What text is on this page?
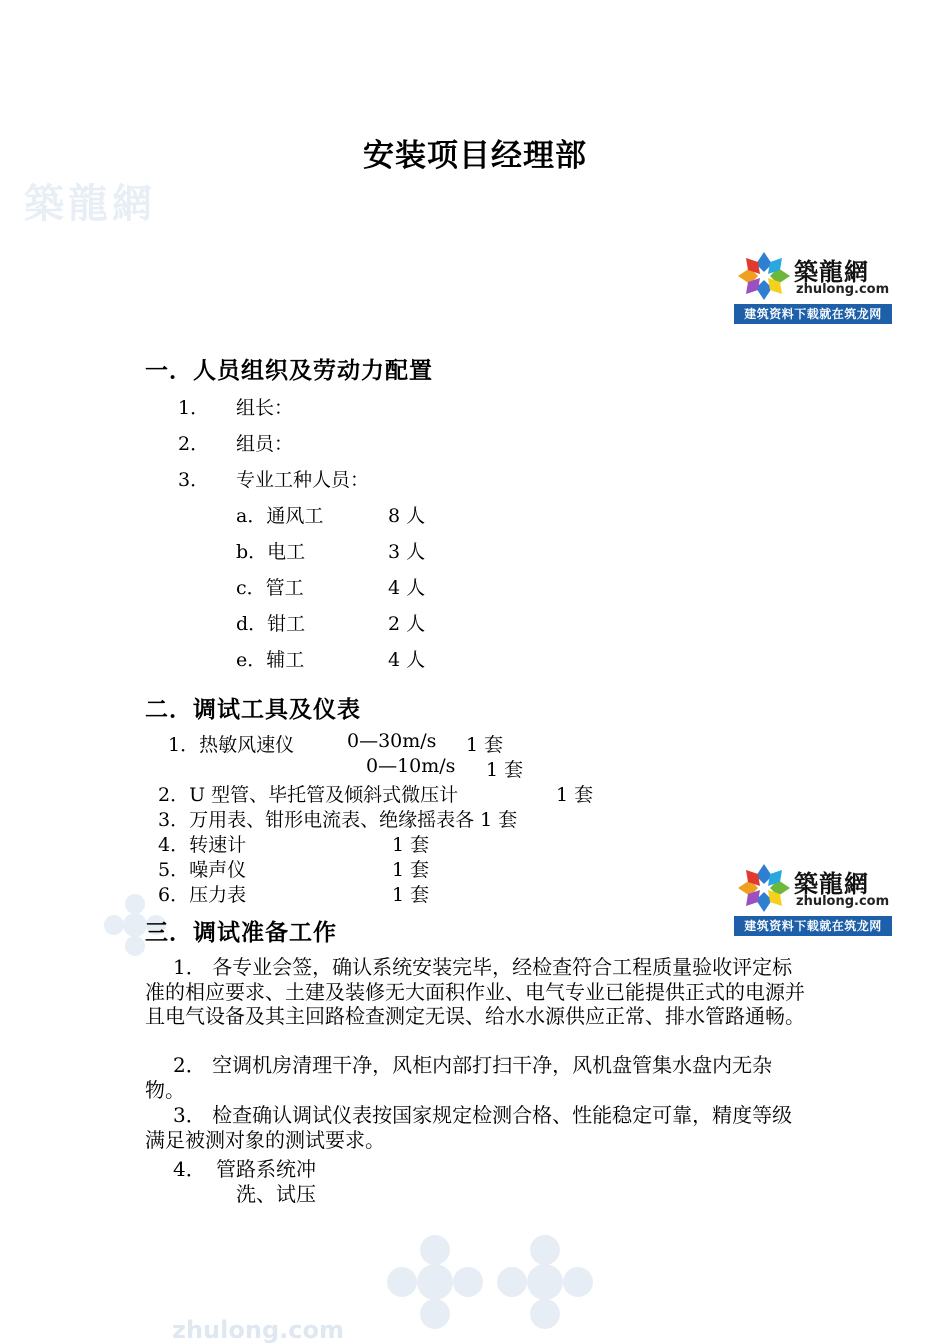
築龍網
zhulong.com
安装项目经理部
築龍網
zhulong.com
建筑资料下载就在筑龙网
一．人员组织及劳动力配置
1． 组长：
2． 组员：
3． 专业工种人员：
a．通风工	8 人
b．电工	3 人
c．管工	4 人
d．钳工	2 人
e．辅工	4 人
二．调试工具及仪表
1．热敏风速仪	0—30m/s 1 套
0—10m/s 1 套
2．U 型管、毕托管及倾斜式微压计	1 套
3．万用表、钳形电流表、绝缘摇表各 1 套
4．转速计	1 套
5．噪声仪	1 套
6．压力表	1 套	築龍網
zhulong.com
建筑资料下载就在筑龙网
三．调试准备工作
1． 各专业会签，确认系统安装完毕，经检查符合工程质量验收评定标准的相应要求、土建及装修无大面积作业、电气专业已能提供正式的电源并且电气设备及其主回路检查测定无误、给水水源供应正常、排水管路通畅。
2． 空调机房清理干净，风柜内部打扫干净，风机盘管集水盘内无杂物。
3． 检查确认调试仪表按国家规定检测合格、性能稳定可靠，精度等级满足被测对象的测试要求。
4． 管路系统冲
洗、试压
